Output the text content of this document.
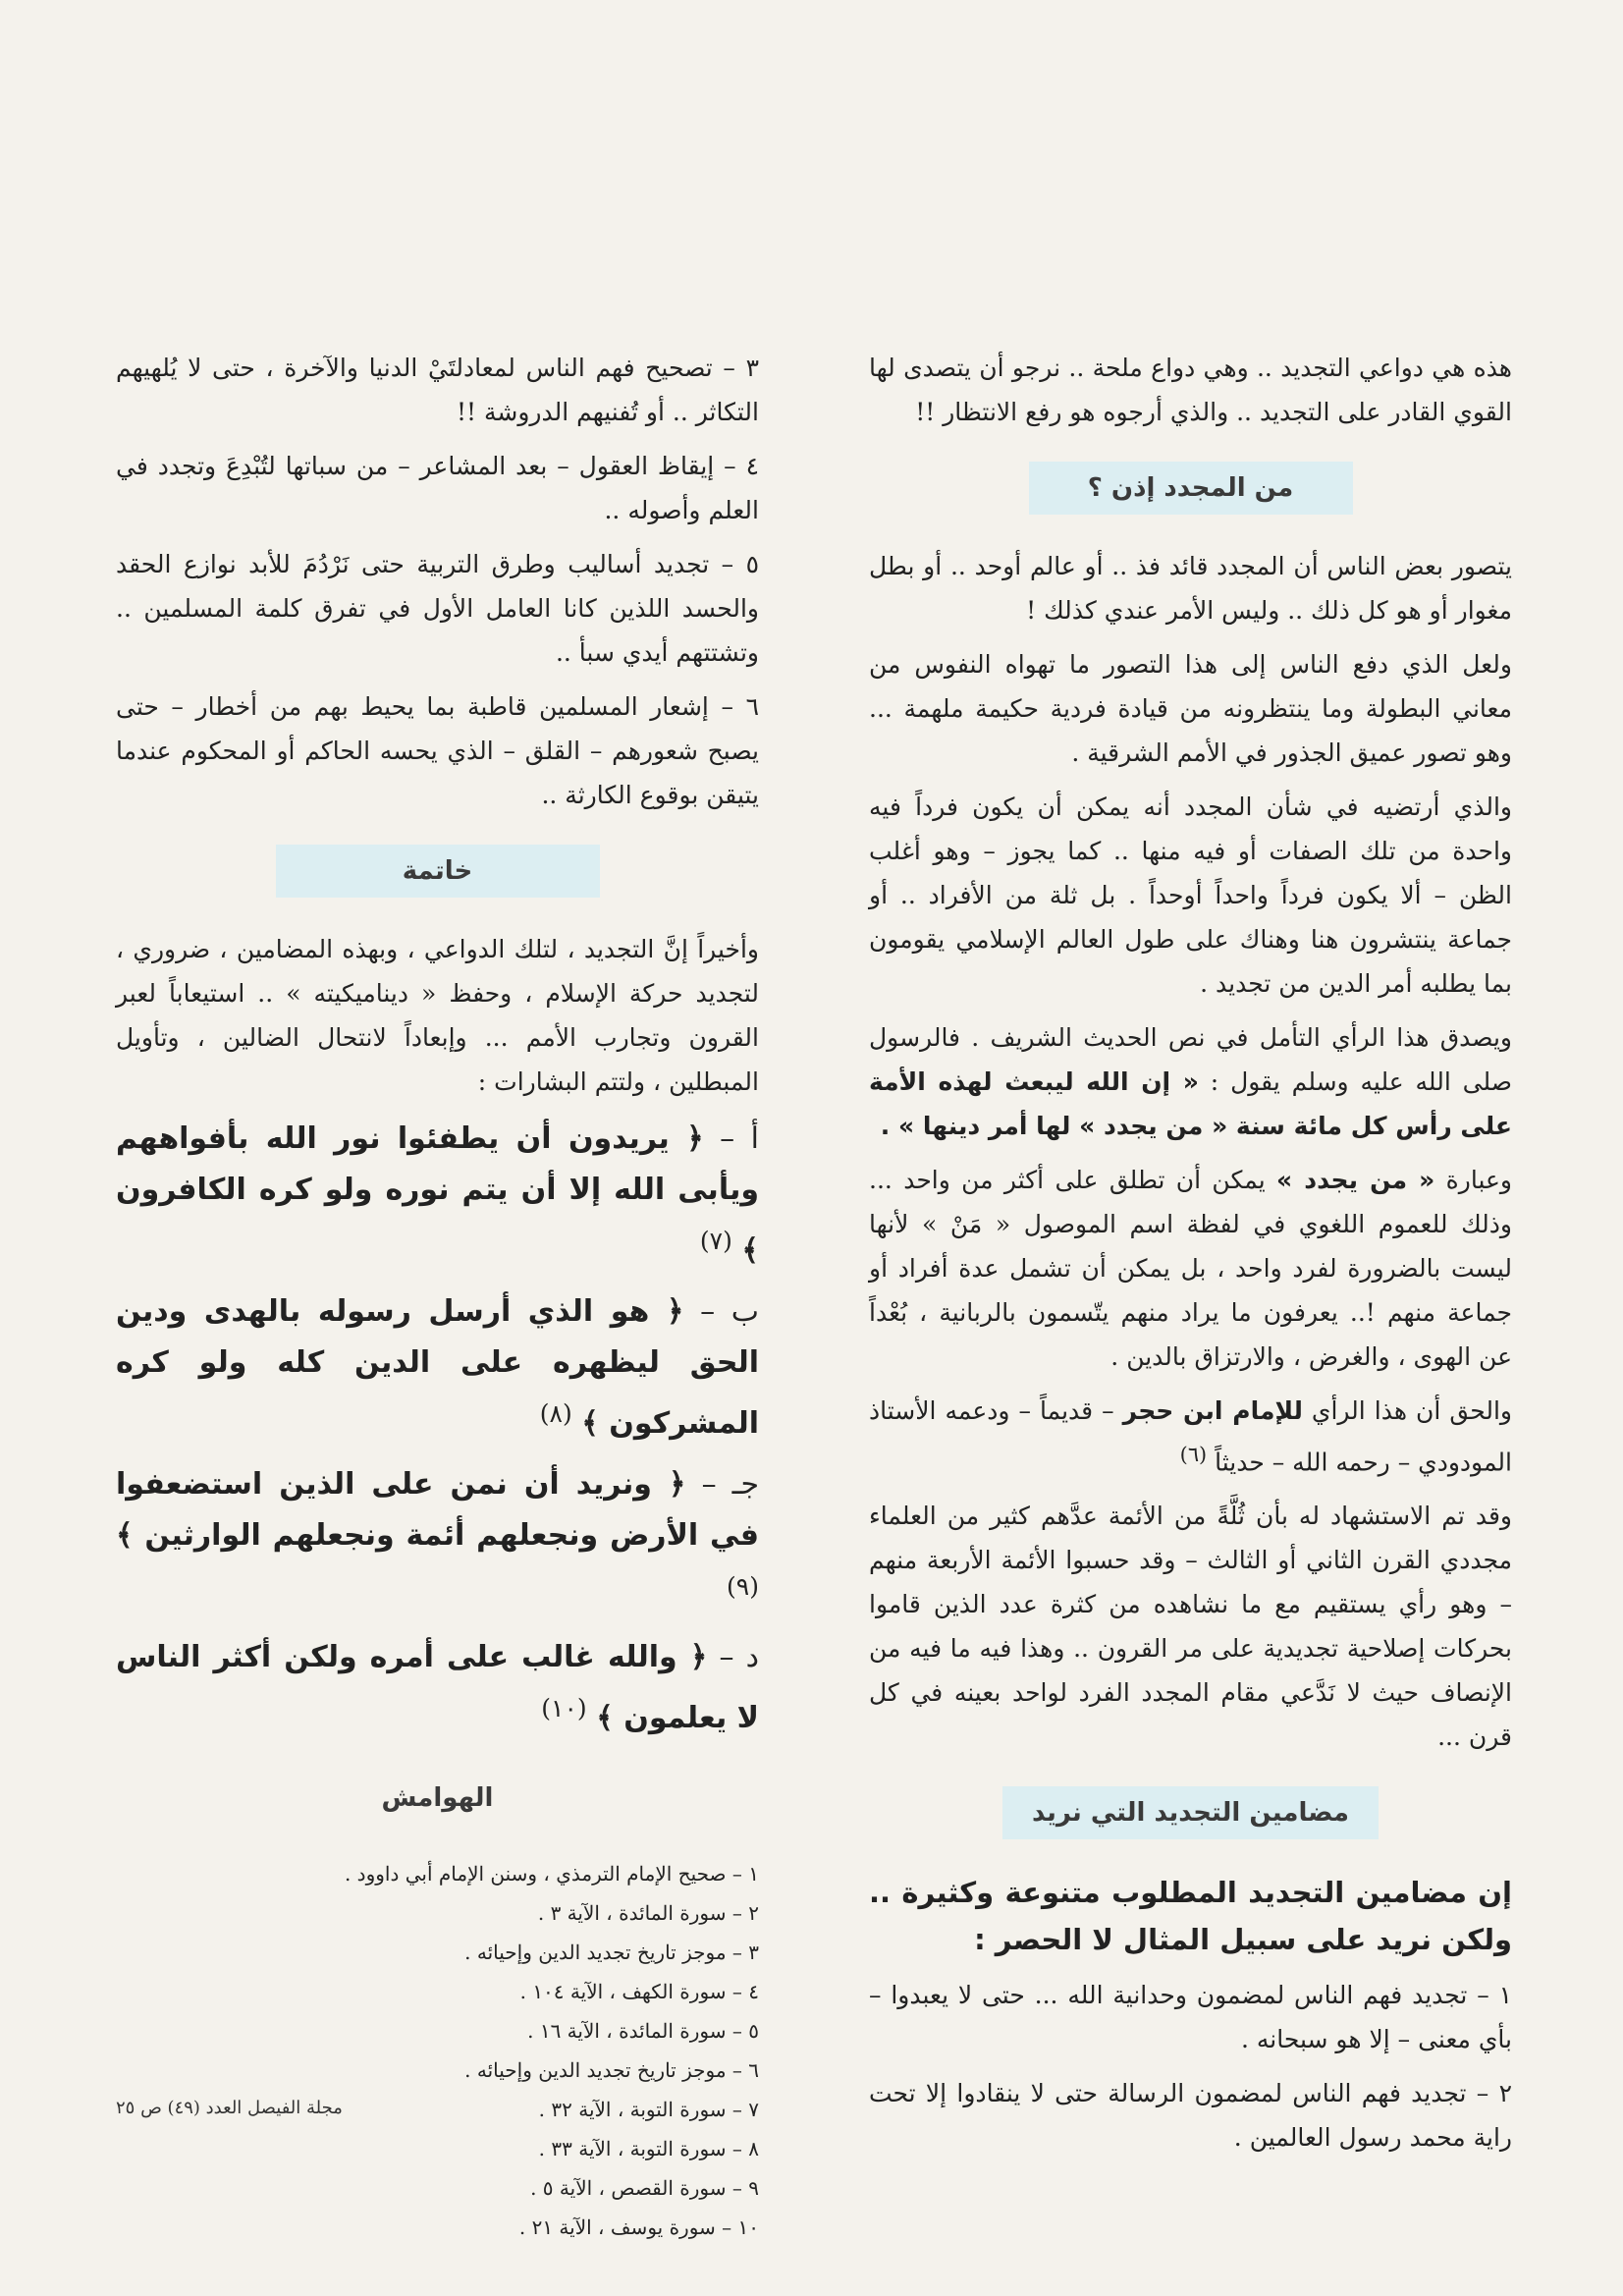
هذه هي دواعي التجديد .. وهي دواع ملحة .. نرجو أن يتصدى لها القوي القادر على التجديد .. والذي أرجوه هو رفع الانتظار !!

من المجدد إذن ؟

يتصور بعض الناس أن المجدد قائد فذ .. أو عالم أوحد .. أو بطل مغوار أو هو كل ذلك .. وليس الأمر عندي كذلك !

ولعل الذي دفع الناس إلى هذا التصور ما تهواه النفوس من معاني البطولة وما ينتظرونه من قيادة فردية حكيمة ملهمة ... وهو تصور عميق الجذور في الأمم الشرقية .

والذي أرتضيه في شأن المجدد أنه يمكن أن يكون فرداً فيه واحدة من تلك الصفات أو فيه منها .. كما يجوز – وهو أغلب الظن – ألا يكون فرداً واحداً أوحداً . بل ثلة من الأفراد .. أو جماعة ينتشرون هنا وهناك على طول العالم الإسلامي يقومون بما يطلبه أمر الدين من تجديد .

ويصدق هذا الرأي التأمل في نص الحديث الشريف . فالرسول صلى الله عليه وسلم يقول : « إن الله ليبعث لهذه الأمة على رأس كل مائة سنة « من يجدد » لها أمر دينها » .

وعبارة « من يجدد » يمكن أن تطلق على أكثر من واحد ... وذلك للعموم اللغوي في لفظة اسم الموصول « مَنْ » لأنها ليست بالضرورة لفرد واحد ، بل يمكن أن تشمل عدة أفراد أو جماعة منهم !.. يعرفون ما يراد منهم يتّسمون بالربانية ، بُعْداً عن الهوى ، والغرض ، والارتزاق بالدين .

والحق أن هذا الرأي للإمام ابن حجر – قديماً – ودعمه الأستاذ المودودي – رحمه الله – حديثاً $^{(٦)}$

وقد تم الاستشهاد له بأن ثُلَّةً من الأئمة عدَّهم كثير من العلماء مجددي القرن الثاني أو الثالث – وقد حسبوا الأئمة الأربعة منهم – وهو رأي يستقيم مع ما نشاهده من كثرة عدد الذين قاموا بحركات إصلاحية تجديدية على مر القرون .. وهذا فيه ما فيه من الإنصاف حيث لا نَدَّعي مقام المجدد الفرد لواحد بعينه في كل قرن ...

مضامين التجديد التي نريد

إن مضامين التجديد المطلوب متنوعة وكثيرة .. ولكن نريد على سبيل المثال لا الحصر :

١ – تجديد فهم الناس لمضمون وحدانية الله ... حتى لا يعبدوا – بأي معنى – إلا هو سبحانه .

٢ – تجديد فهم الناس لمضمون الرسالة حتى لا ينقادوا إلا تحت راية محمد رسول العالمين .

٣ – تصحيح فهم الناس لمعادلتَيْ الدنيا والآخرة ، حتى لا يُلهيهم التكاثر .. أو تُفنيهم الدروشة !!

٤ – إيقاظ العقول – بعد المشاعر – من سباتها لتُبْدِعَ وتجدد في العلم وأصوله ..

٥ – تجديد أساليب وطرق التربية حتى نَرْدُمَ للأبد نوازع الحقد والحسد اللذين كانا العامل الأول في تفرق كلمة المسلمين .. وتشتتهم أيدي سبأ ..

٦ – إشعار المسلمين قاطبة بما يحيط بهم من أخطار – حتى يصبح شعورهم – القلق – الذي يحسه الحاكم أو المحكوم عندما يتيقن بوقوع الكارثة ..

خاتمة

وأخيراً إنَّ التجديد ، لتلك الدواعي ، وبهذه المضامين ، ضروري ، لتجديد حركة الإسلام ، وحفظ « ديناميكيته » .. استيعاباً لعبر القرون وتجارب الأمم ... وإبعاداً لانتحال الضالين ، وتأويل المبطلين ، ولتتم البشارات :

أ – ﴿ يريدون أن يطفئوا نور الله بأفواههم ويأبى الله إلا أن يتم نوره ولو كره الكافرون ﴾ $^{(٧)}$

ب – ﴿ هو الذي أرسل رسوله بالهدى ودين الحق ليظهره على الدين كله ولو كره المشركون ﴾ $^{(٨)}$

جـ – ﴿ ونريد أن نمن على الذين استضعفوا في الأرض ونجعلهم أئمة ونجعلهم الوارثين ﴾ $^{(٩)}$

د – ﴿ والله غالب على أمره ولكن أكثر الناس لا يعلمون ﴾ $^{(١٠)}$

الهوامش
١ – صحيح الإمام الترمذي ، وسنن الإمام أبي داوود .
٢ – سورة المائدة ، الآية ٣ .
٣ – موجز تاريخ تجديد الدين وإحيائه .
٤ – سورة الكهف ، الآية ١٠٤ .
٥ – سورة المائدة ، الآية ١٦ .
٦ – موجز تاريخ تجديد الدين وإحيائه .
٧ – سورة التوبة ، الآية ٣٢ .
٨ – سورة التوبة ، الآية ٣٣ .
٩ – سورة القصص ، الآية ٥ .
١٠ – سورة يوسف ، الآية ٢١ .
مجلة الفيصل العدد (٤٩) ص ٢٥
